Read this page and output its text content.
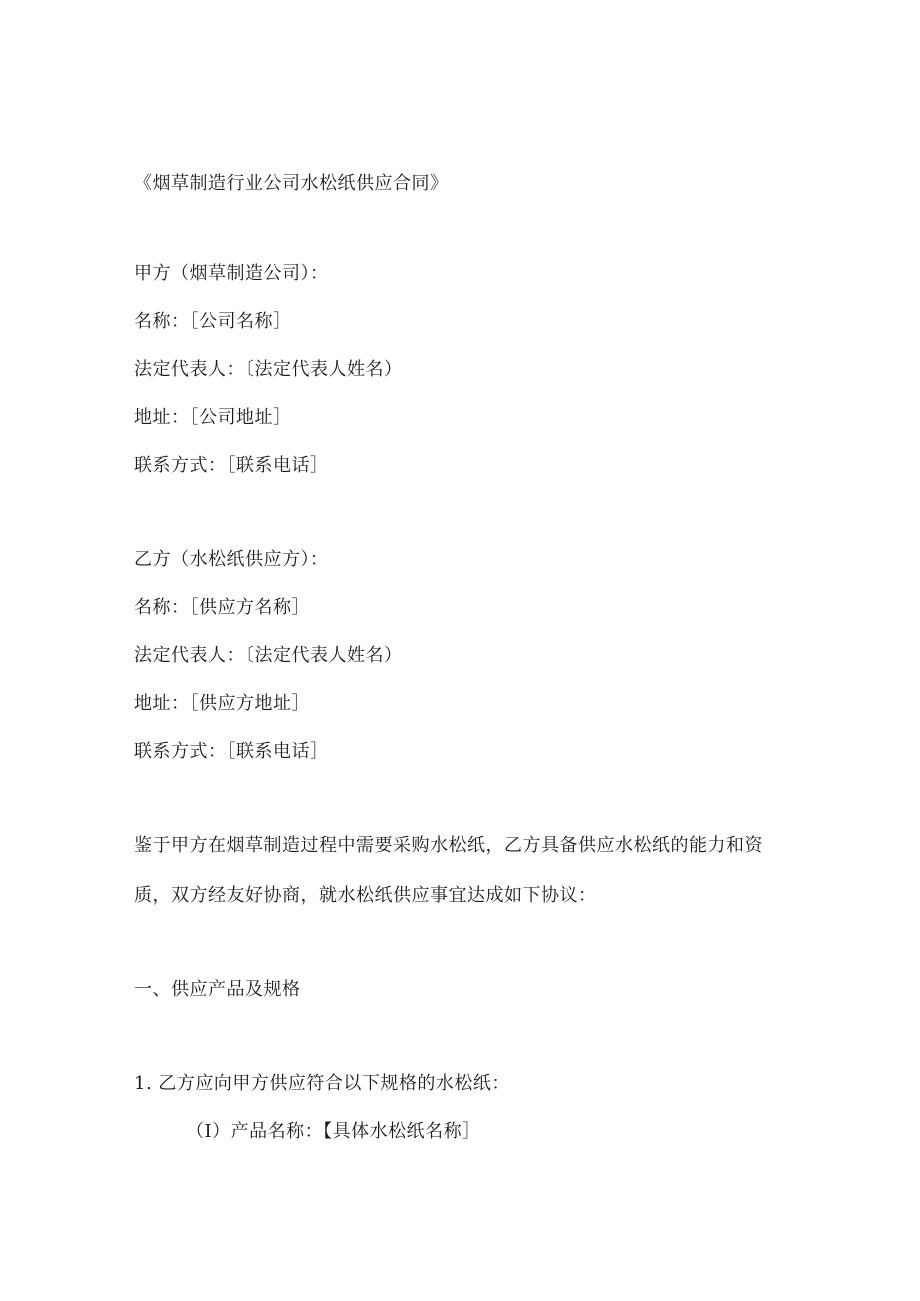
《烟草制造行业公司水松纸供应合同》
甲方（烟草制造公司）：
名称：［公司名称］
法定代表人：〔法定代表人姓名）
地址：［公司地址］
联系方式：［联系电话］
乙方（水松纸供应方）：
名称：［供应方名称］
法定代表人：〔法定代表人姓名）
地址：［供应方地址］
联系方式：［联系电话］
鉴于甲方在烟草制造过程中需要采购水松纸，乙方具备供应水松纸的能力和资
质，双方经友好协商，就水松纸供应事宜达成如下协议：
一、供应产品及规格
1. 乙方应向甲方供应符合以下规格的水松纸：
（I）产品名称：【具体水松纸名称］
